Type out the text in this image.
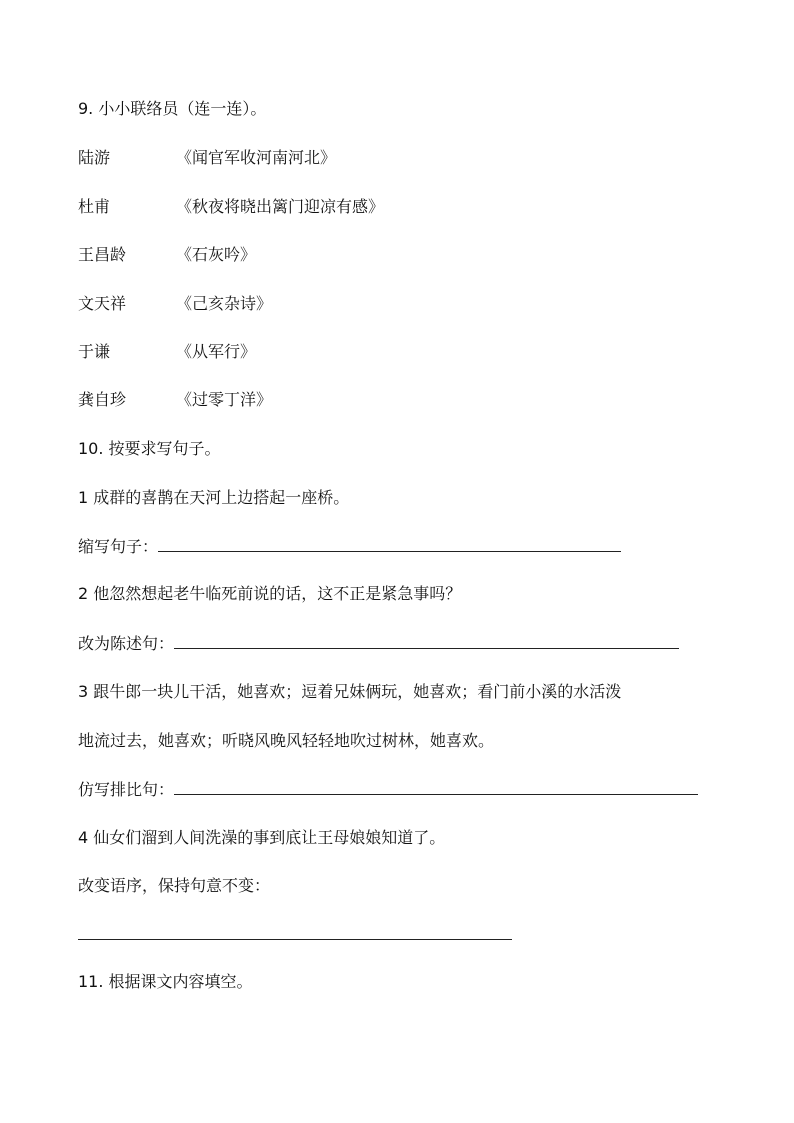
9. 小小联络员（连一连）。
陆游	《闻官军收河南河北》
杜甫	《秋夜将晓出篱门迎凉有感》
王昌龄	《石灰吟》
文天祥	《己亥杂诗》
于谦	《从军行》
龚自珍	《过零丁洋》
10. 按要求写句子。
1 成群的喜鹊在天河上边搭起一座桥。
缩写句子：
2 他忽然想起老牛临死前说的话，这不正是紧急事吗？
改为陈述句：
3 跟牛郎一块儿干活，她喜欢；逗着兄妹俩玩，她喜欢；看门前小溪的水活泼
地流过去，她喜欢；听晓风晚风轻轻地吹过树林，她喜欢。
仿写排比句：
4 仙女们溜到人间洗澡的事到底让王母娘娘知道了。
改变语序，保持句意不变：
11. 根据课文内容填空。
